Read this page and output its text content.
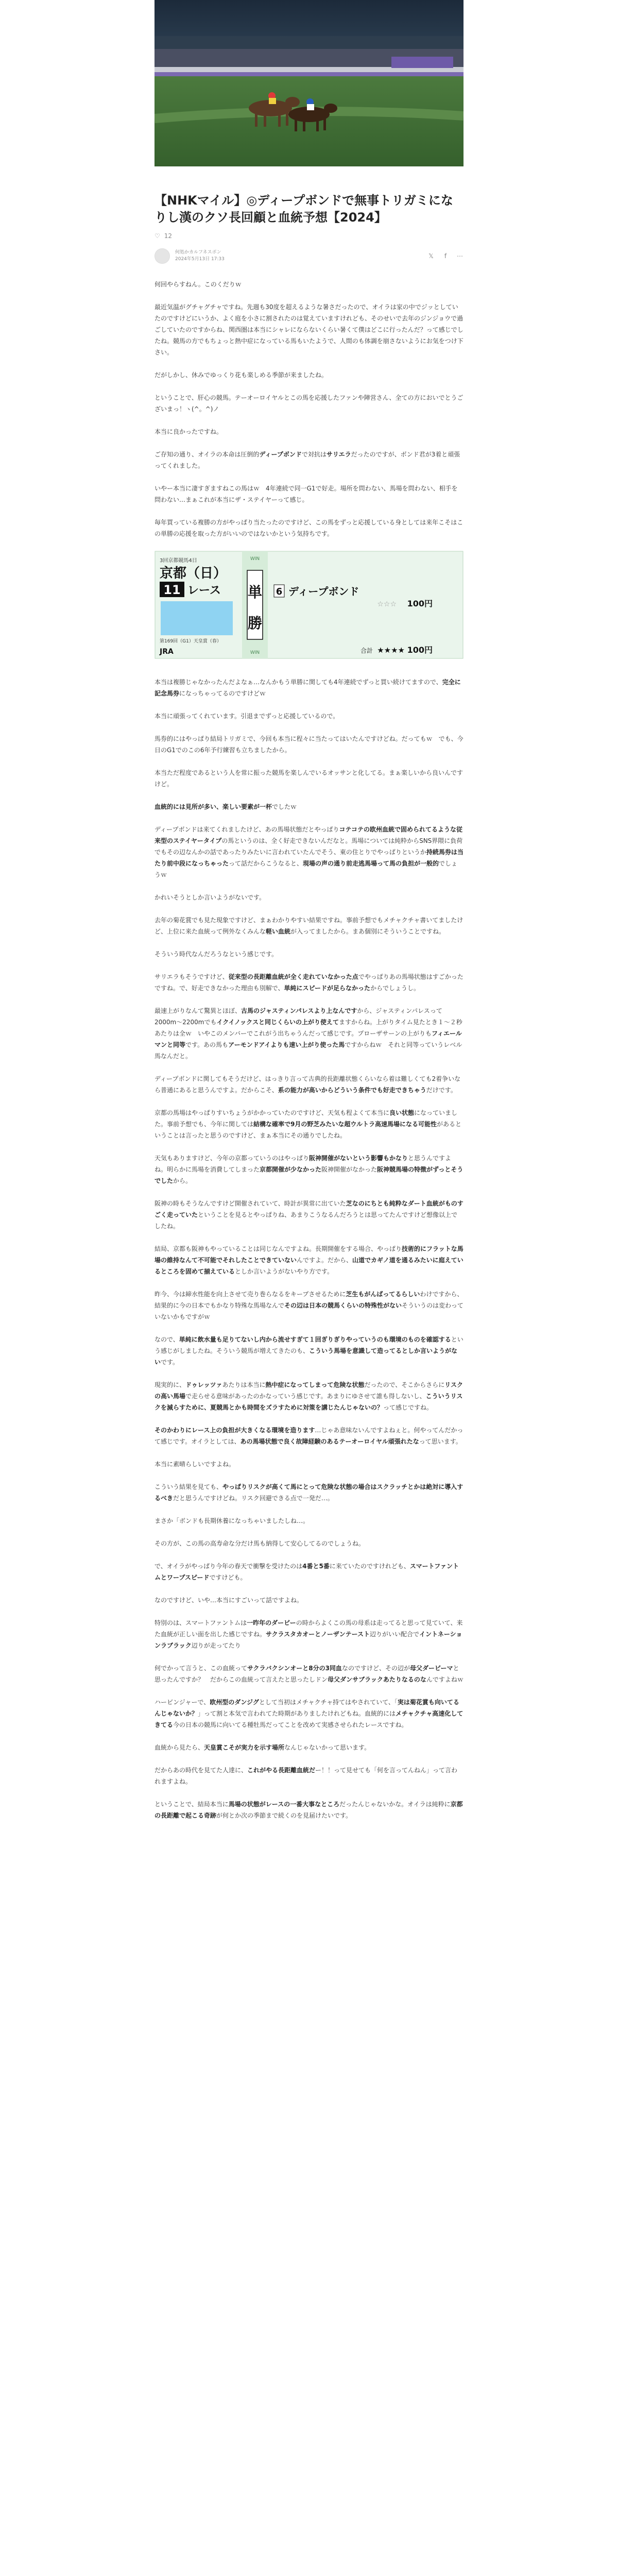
【NHKマイル】◎ディープボンドで無事トリガミになりし漢のクソ長回顧と血統予想【2024】
♡ 12
何処かカルフネスポン
2024年5月13日 17:33	𝕏	f	⋯

何回やらすねん。このくだりｗ

最近気温がグチャグチャですね。先週も30度を超えるような暑さだったので、オイラは家の中でジッとしていたのですけどにいうか、よく庭を小さに割されたのは覚えていますけれども、そのせいで去年のジンジョウで過ごしていたのですからね、関西圏は本当にシャレにならないくらい暑くて僕はどこに行ったんだ？って感じでしたね。競馬の方でもちょっと熱中症になっている馬もいたようで、人間のも体調を崩さないようにお気をつけ下さい。

だがしかし、休みでゆっくり花も楽しめる季節が来ましたね。

ということで、肝心の競馬。テーオーロイヤルとこの馬を応援したファンや陣営さん、全ての方においでとうございまっ！ヽ(^。^)ノ

本当に良かったですね。

ご存知の通り、オイラの本命は圧倒的ディープボンドで対抗はサリエラだったのですが、ボンド君が3着と頑張ってくれました。

いやー本当に凄すぎますねこの馬はｗ　4年連続で同一G1で好走。場所を問わない、馬場を問わない、相手を問わない…まぁこれが本当にザ・ステイヤーって感じ。

毎年買っている複勝の方がやっぱり当たったのですけど、この馬をずっと応援している身としては来年こそはこの単勝の応援を取った方がいいのではないかという気持ちです。

3回京都競馬4日
京都（日）
11 レース
第169回（G1）天皇賞（春）
JRA
WIN
単
勝
WIN
6 ディープボンド
☆☆☆ 100円
合計 ★★★★ 100円

本当は複勝じゃなかったんだよなぁ…なんかもう単勝に関しても4年連続でずっと買い続けてますので、完全に記念馬券になっちゃってるのですけどｗ

本当に頑張ってくれています。引退までずっと応援しているので。

馬券的にはやっぱり結局トリガミで、今回も本当に程々に当たってはいたんですけどね。だってもｗ　でも、今日のG1でのこの6年予行練習も立ちましたから。

本当ただ程度であるという人を常に振った競馬を楽しんでいるオッサンと化してる。まぁ楽しいから良いんですけど。

血統的には見所が多い、楽しい要素が一杯でしたｗ

ディープボンドは来てくれましたけど、あの馬場状態だとやっぱりコテコテの欧州血統で固められてるような従来型のステイヤータイプの馬というのは、全く好走できないんだなと。馬場については純粋からSNS界隈に負荷でもその辺なんかの話であったりみたいに言われていたんでそう、東の住とりでやっぱりというか持続馬券は当たり前中段になっちゃったって話だからこうなると、現場の声の通り前走逃馬場って馬の負担が一般的でしょうｗ

かれいそうとしか言いようがないです。

去年の菊花賞でも見た現象ですけど、まぁわかりやすい結果ですね。事前予想でもメチャクチャ書いてましたけど、上位に来た血統って例外なくみんな軽い血統が入ってましたから。まあ個別にそういうことですね。

そういう時代なんだろうなという感じです。

サリエラもそうですけど、従来型の長距離血統が全く走れていなかった点でやっぱりあの馬場状態はすごかったですね。で、好走できなかった理由も別解で、単純にスピードが足らなかったからでしょうし。

最速上がりなんて驚異とほぼ、古馬のジャスティンパレスより上なんですから、ジャスティンパレスって2000m〜2200mでもイクイノックスと同じくらいの上がり使えてますからね。上がりタイム見たとき１〜２秒あたりは全ｗ　いやこのメンバーでこれがう出ちゃうんだって感じです。プローザサーンの上がりもフィエールマンと同等です。あの馬もアーモンドアイよりも速い上がり使った馬ですからねｗ　それと同等っていうレベル馬なんだと。

ディープボンドに関してもそうだけど、はっきり言って古典的長距離状態くらいなら着は難しくても2着争いなら普通にあると思うんですよ。だからこそ、系の能力が高いからどういう条件でも好走できちゃうだけです。

京都の馬場はやっぱりすいちょうがかかっていたのですけど、天気も程よくて本当に良い状態になっていました。事前予想でも、今年に関しては結構な確率で9月の野芝みたいな超ウルトラ高速馬場になる可能性があるということは言ったと思うのですけど、まぁ本当にその通りでしたね。

天気もありますけど、今年の京都っていうのはやっぱり阪神開催がないという影響もかなりと思うんですよね。明らかに馬場を消費してしまった京都開催が少なかった阪神開催がなかった阪神競馬場の特徴がずっとそうでしたから。

阪神の時もそうなんですけど開催されていて、時計が異常に出ていた芝なのにちとも純粋なダート血統がものすごく走っていたということを見るとやっぱりね、あまりこうなるんだろうとは思ってたんですけど想像以上でしたね。

結局、京都も阪神もやっていることは同じなんですよね。長期開催をする場合、やっぱり技術的にフラットな馬場の維持なんて不可能でそれしたことできていないんですよ。だから、山道でカギノ道を通るみたいに庭えているところを固めて揃えているとしか言いようがないやり方です。

昨今、今は締水性能を向上させて売り巻らなるをキープさせるために芝生もがんばってるらしいわけですから、結果的に今の日本でもかなり特殊な馬場なんでその辺は日本の競馬くらいの特殊性がないそういうのは変わっていないかもですがｗ

なので、単純に飲水量も足りてないし内から流せすぎて１回ぎりぎりやっていうのも環境のものを確認するという感じがしましたね。そういう競馬が増えてきたのも、こういう馬場を意識して造ってるとしか言いようがないです。

現実的に、ドゥレッツァあたりは本当に熱中症になってしまって危険な状態だったので、そこからさらにリスクの高い馬場で走らせる意味があったのかなっていう感じです。あまりにゆさせて誰も得しないし、こういうリスクを減らすために、夏競馬とかも時間をズラすために対策を講じたんじゃないの？って感じですね。

そのかわりにレース上の負担が大きくなる環境を造ります…じゃあ意味ないんですよねぇと。何やってんだかって感じです。オイラとしては、あの馬場状態で良く故障経験のあるテーオーロイヤル頑張れたなって思います。

本当に素晴らしいですよね。

こういう結果を見ても、やっぱりリスクが高くて馬にとって危険な状態の場合はスクラッチとかは絶対に導入するべきだと思うんですけどね。リスク回避できる点で一発だ…。

まさか「ボンドも長期休養になっちゃいましたしね…。

その方が、この馬の高寿命な分だけ馬も納得して安心してるのでしょうね。

で、オイラがやっぱり今年の春天で衝撃を受けたのは4番と5番に来ていたのですけれども、スマートファントムとワープスピードですけども。

なのですけど、いや…本当にすごいって話ですよね。

特別のは、スマートファントムは一昨年のダービーの時からよくこの馬の母系は走ってると思って見ていて、来た血統が正しい面を出した感じですね。サクラスタカオーとノーザンテースト辺りがいい配合でイントネーションラブラック辺りが走ってたり

何でかって言うと、この血統ってサクラバクシンオーと8分の3同血なのですけど、その辺が母父ダービーマと思ったんですか？　だからこの血統って言えたと思ったしドン母父ダンサブラックあたりなるのなんですよねｗ

ハービンジャーで、欧州型のダンジグとして当初はメチャクチャ持てはやされていて、「実は菊花賞も向いてるんじゃないか？」って割と本気で言われてた時期がありましたけれどもね。血統的にはメチャクチャ高速化してきてる今の日本の競馬に向いてる種牡馬だってことを改めて実感させられたレースですね。

血統から見たら、天皇賞こそが実力を示す場所なんじゃないかって思います。

だからあの時代を見てた人達に、これがやる長距離血統だー！！って見せても「何を言ってんねん」って言われますよね。

ということで、結局本当に馬場の状態がレースの一番大事なところだったんじゃないかな。オイラは純粋に京都の長距離で起こる奇跡が何とか次の季節まで続くのを見届けたいです。
